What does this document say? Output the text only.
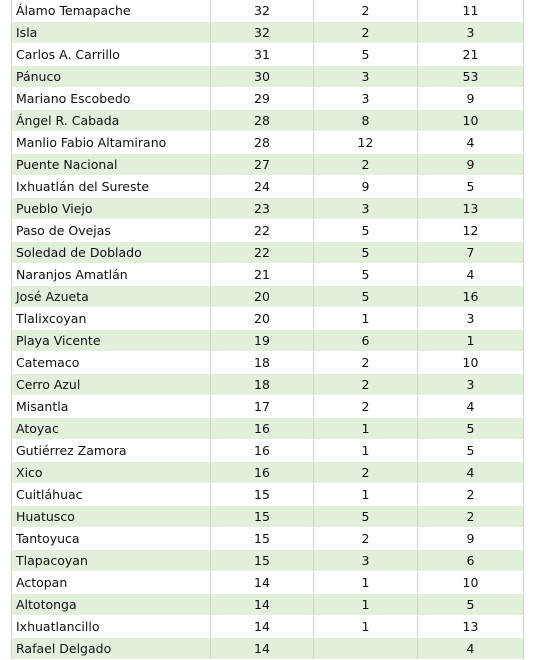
Álamo Temapache	32	2	11
Isla	32	2	3
Carlos A. Carrillo	31	5	21
Pánuco	30	3	53
Mariano Escobedo	29	3	9
Ángel R. Cabada	28	8	10
Manlio Fabio Altamirano	28	12	4
Puente Nacional	27	2	9
Ixhuatlán del Sureste	24	9	5
Pueblo Viejo	23	3	13
Paso de Ovejas	22	5	12
Soledad de Doblado	22	5	7
Naranjos Amatlán	21	5	4
José Azueta	20	5	16
Tlalixcoyan	20	1	3
Playa Vicente	19	6	1
Catemaco	18	2	10
Cerro Azul	18	2	3
Misantla	17	2	4
Atoyac	16	1	5
Gutiérrez Zamora	16	1	5
Xico	16	2	4
Cuitláhuac	15	1	2
Huatusco	15	5	2
Tantoyuca	15	2	9
Tlapacoyan	15	3	6
Actopan	14	1	10
Altotonga	14	1	5
Ixhuatlancillo	14	1	13
Rafael Delgado	14		4
